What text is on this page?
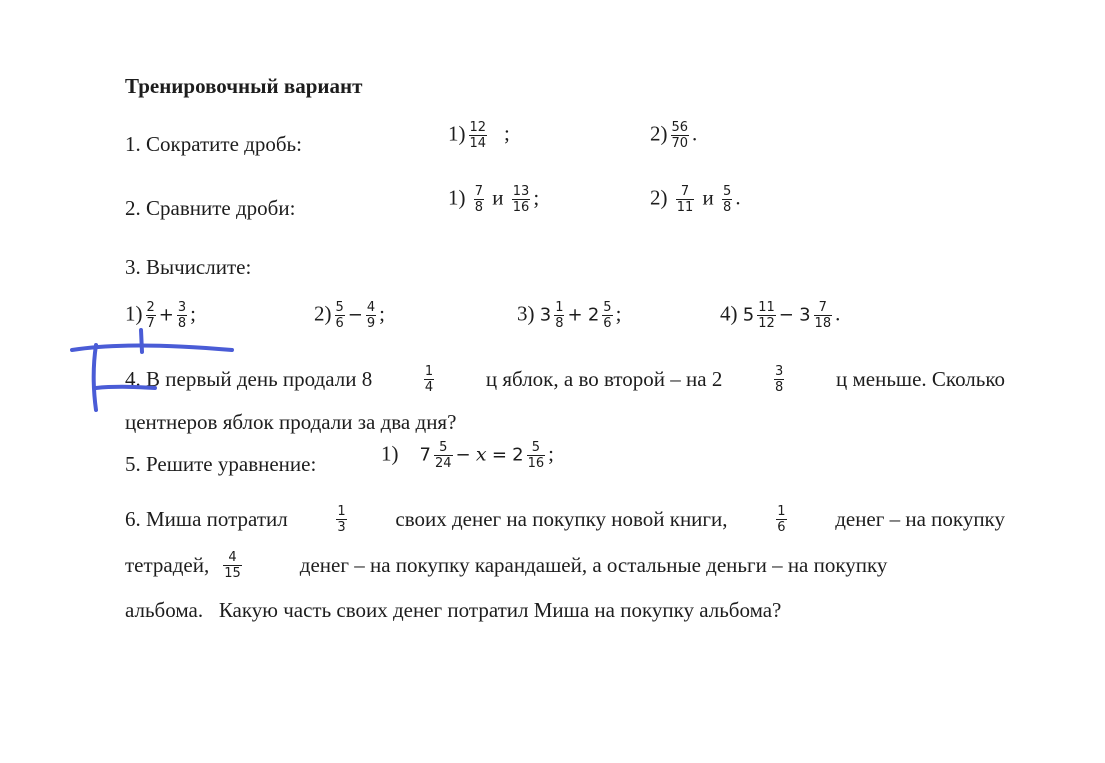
Тренировочный вариант
1. Сократите дробь:	$1) \frac{12}{14}$ ;	$2) \frac{56}{70}$ .
2. Сравните дроби:	$1) \frac{7}{8}$ и $\frac{13}{16}$ ;	$2) \frac{7}{11}$ и $\frac{5}{8}$ .
3. Вычислите:
$1) \frac{2}{7} + \frac{3}{8}$ ;	$2) \frac{5}{6} - \frac{4}{9}$ ;	3) $3 \frac{1}{8} + 2 \frac{5}{6}$ ;	4) $5 \frac{11}{12} - 3 \frac{7}{18}$ .
4. В первый день продали 8	$\frac{1}{4}$ ц яблок, а во второй – на 2	$\frac{3}{8}$ ц меньше. Сколько
центнеров яблок продали за два дня?
5. Решите уравнение:	1) $7 \frac{5}{24} - x = 2 \frac{5}{16}$ ;
6. Миша потратил	$\frac{1}{3}$ своих денег на покупку новой книги,	$\frac{1}{6}$ денег – на покупку
тетрадей, $\frac{4}{15}$	денег – на покупку карандашей, а остальные деньги – на покупку
альбома.   Какую часть своих денег потратил Миша на покупку альбома?
